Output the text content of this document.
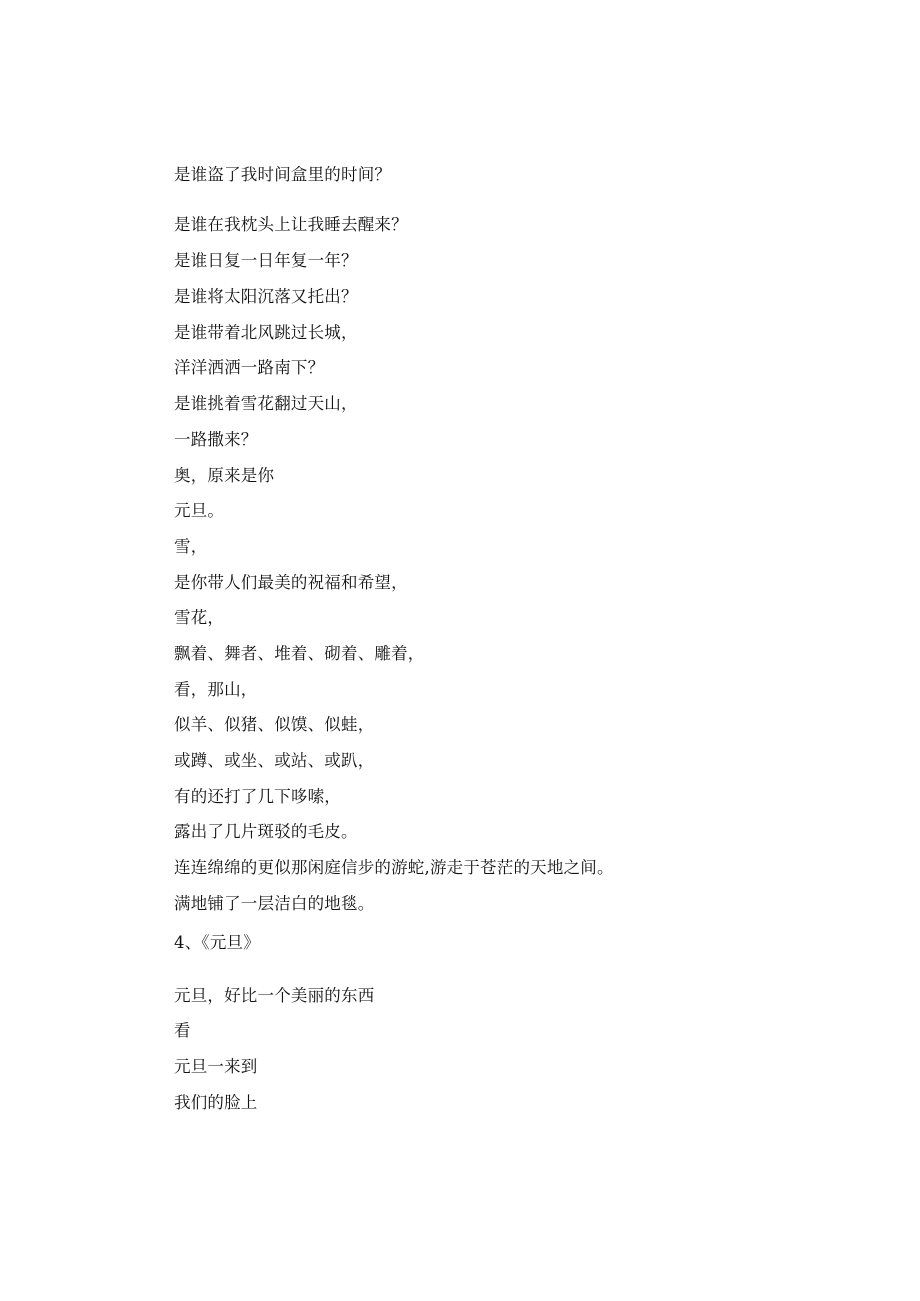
是谁盗了我时间盒里的时间？
是谁在我枕头上让我睡去醒来？
是谁日复一日年复一年？
是谁将太阳沉落又托出？
是谁带着北风跳过长城，
洋洋洒洒一路南下？
是谁挑着雪花翻过天山，
一路撒来？
奥，原来是你
元旦。
雪，
是你带人们最美的祝福和希望，
雪花，
飘着、舞者、堆着、砌着、雕着，
看，那山，
似羊、似猪、似馍、似蛙，
或蹲、或坐、或站、或趴，
有的还打了几下哆嗦，
露出了几片斑驳的毛皮。
连连绵绵的更似那闲庭信步的游蛇,游走于苍茫的天地之间。
满地铺了一层洁白的地毯。
4、《元旦》
元旦，好比一个美丽的东西
看
元旦一来到
我们的脸上
